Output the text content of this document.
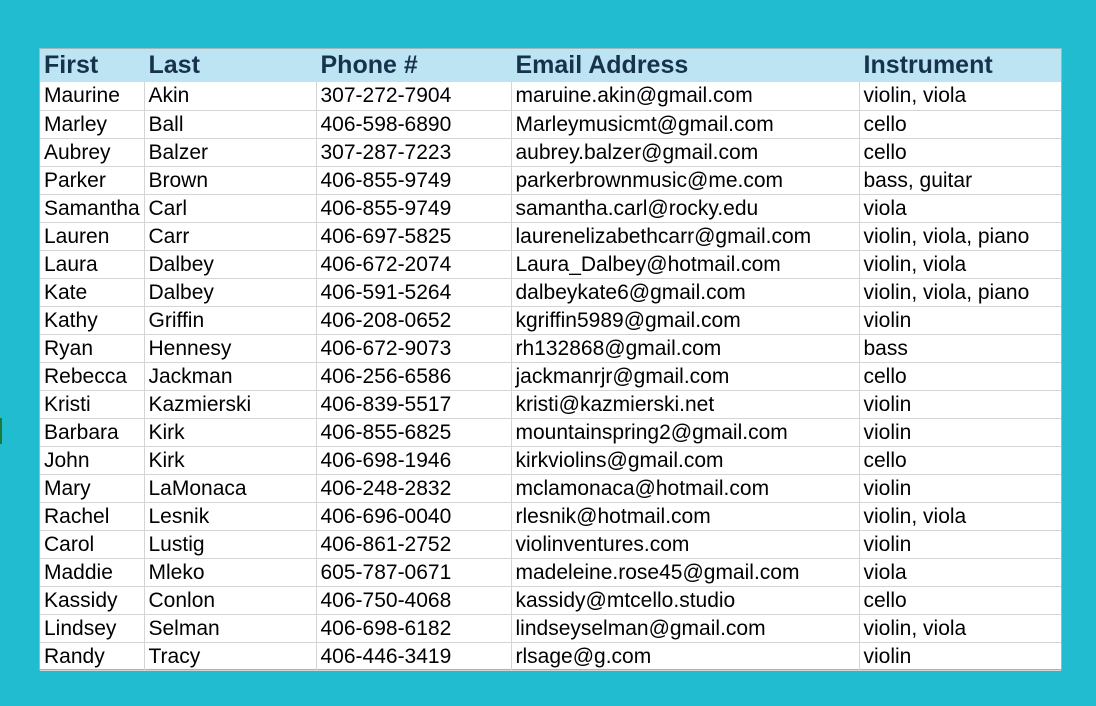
First	Last	Phone #	Email Address	Instrument
Maurine	Akin	307-272-7904	maruine.akin@gmail.com	violin, viola
Marley	Ball	406-598-6890	Marleymusicmt@gmail.com	cello
Aubrey	Balzer	307-287-7223	aubrey.balzer@gmail.com	cello
Parker	Brown	406-855-9749	parkerbrownmusic@me.com	bass, guitar
Samantha	Carl	406-855-9749	samantha.carl@rocky.edu	viola
Lauren	Carr	406-697-5825	laurenelizabethcarr@gmail.com	violin, viola, piano
Laura	Dalbey	406-672-2074	Laura_Dalbey@hotmail.com	violin, viola
Kate	Dalbey	406-591-5264	dalbeykate6@gmail.com	violin, viola, piano
Kathy	Griffin	406-208-0652	kgriffin5989@gmail.com	violin
Ryan	Hennesy	406-672-9073	rh132868@gmail.com	bass
Rebecca	Jackman	406-256-6586	jackmanrjr@gmail.com	cello
Kristi	Kazmierski	406-839-5517	kristi@kazmierski.net	violin
Barbara	Kirk	406-855-6825	mountainspring2@gmail.com	violin
John	Kirk	406-698-1946	kirkviolins@gmail.com	cello
Mary	LaMonaca	406-248-2832	mclamonaca@hotmail.com	violin
Rachel	Lesnik	406-696-0040	rlesnik@hotmail.com	violin, viola
Carol	Lustig	406-861-2752	violinventures.com	violin
Maddie	Mleko	605-787-0671	madeleine.rose45@gmail.com	viola
Kassidy	Conlon	406-750-4068	kassidy@mtcello.studio	cello
Lindsey	Selman	406-698-6182	lindseyselman@gmail.com	violin, viola
Randy	Tracy	406-446-3419	rlsage@g.com	violin
